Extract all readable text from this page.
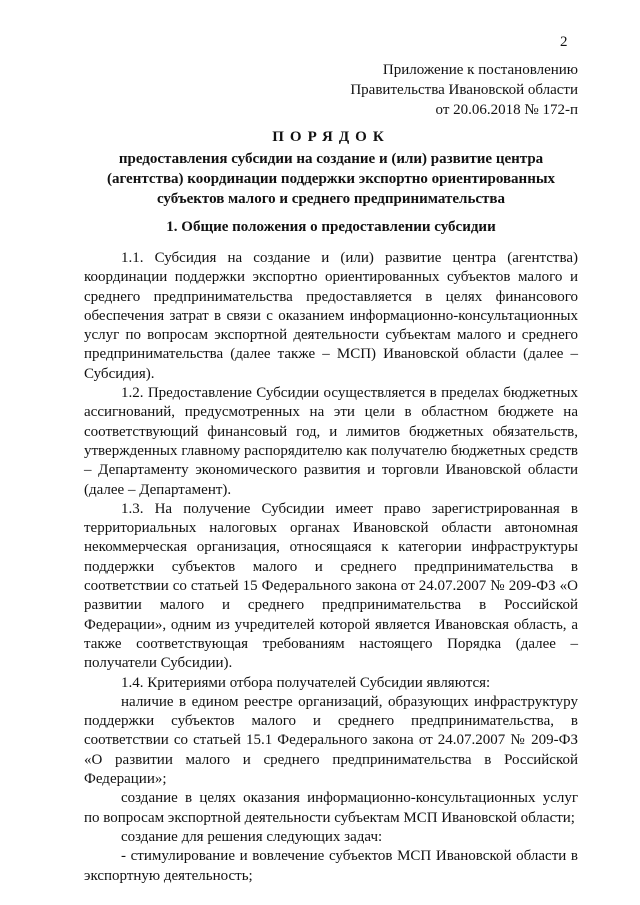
2
Приложение к постановлению
Правительства Ивановской области
от 20.06.2018 № 172-п
ПОРЯДОК
предоставления субсидии на создание и (или) развитие центра (агентства) координации поддержки экспортно ориентированных субъектов малого и среднего предпринимательства
1. Общие положения о предоставлении субсидии

1.1. Субсидия на создание и (или) развитие центра (агентства) координации поддержки экспортно ориентированных субъектов малого и среднего предпринимательства предоставляется в целях финансового обеспечения затрат в связи с оказанием информационно-консультационных услуг по вопросам экспортной деятельности субъектам малого и среднего предпринимательства (далее также – МСП) Ивановской области (далее – Субсидия).

1.2. Предоставление Субсидии осуществляется в пределах бюджетных ассигнований, предусмотренных на эти цели в областном бюджете на соответствующий финансовый год, и лимитов бюджетных обязательств, утвержденных главному распорядителю как получателю бюджетных средств – Департаменту экономического развития и торговли Ивановской области (далее – Департамент).

1.3. На получение Субсидии имеет право зарегистрированная в территориальных налоговых органах Ивановской области автономная некоммерческая организация, относящаяся к категории инфраструктуры поддержки субъектов малого и среднего предпринимательства в соответствии со статьей 15 Федерального закона от 24.07.2007 № 209-ФЗ «О развитии малого и среднего предпринимательства в Российской Федерации», одним из учредителей которой является Ивановская область, а также соответствующая требованиям настоящего Порядка (далее – получатели Субсидии).

1.4. Критериями отбора получателей Субсидии являются:

наличие в едином реестре организаций, образующих инфраструктуру поддержки субъектов малого и среднего предпринимательства, в соответствии со статьей 15.1 Федерального закона от 24.07.2007 № 209-ФЗ «О развитии малого и среднего предпринимательства в Российской Федерации»;

создание в целях оказания информационно-консультационных услуг по вопросам экспортной деятельности субъектам МСП Ивановской области;

создание для решения следующих задач:

- стимулирование и вовлечение субъектов МСП Ивановской области в экспортную деятельность;
